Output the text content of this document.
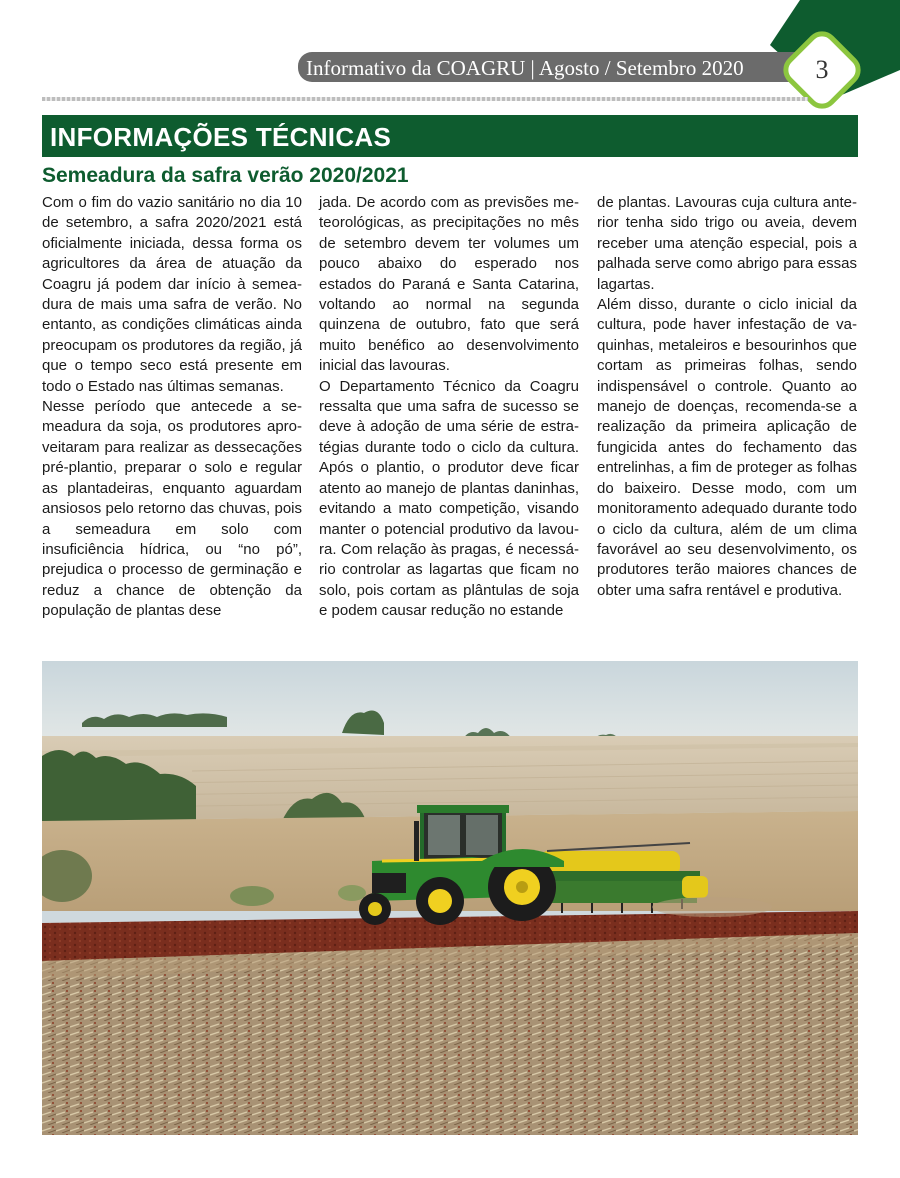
Informativo da COAGRU | Agosto / Setembro 2020	3
INFORMAÇÕES TÉCNICAS
Semeadura da safra verão 2020/2021

Com o fim do vazio sanitário no dia 10 de setembro, a safra 2020/2021 está oficialmente iniciada, dessa forma os agricultores da área de atuação da Coagru já podem dar início à semeadura de mais uma safra de verão. No entanto, as condições climáticas ainda preocupam os produtores da região, já que o tempo seco está presente em todo o Estado nas últimas semanas.

Nesse período que antecede a semeadura da soja, os produtores aproveitaram para realizar as dessecações pré-plantio, preparar o solo e regular as plantadeiras, enquanto aguardam ansiosos pelo retorno das chuvas, pois a semeadura em solo com insuficiência hídrica, ou “no pó”, prejudica o processo de germinação e reduz a chance de obtenção da população de plantas dese

jada. De acordo com as previsões meteorológicas, as precipitações no mês de setembro devem ter volumes um pouco abaixo do esperado nos estados do Paraná e Santa Catarina, voltando ao normal na segunda quinzena de outubro, fato que será muito benéfico ao desenvolvimento inicial das lavouras.

O Departamento Técnico da Coagru ressalta que uma safra de sucesso se deve à adoção de uma série de estratégias durante todo o ciclo da cultura. Após o plantio, o produtor deve ficar atento ao manejo de plantas daninhas, evitando a mato competição, visando manter o potencial produtivo da lavoura. Com relação às pragas, é necessário controlar as lagartas que ficam no solo, pois cortam as plântulas de soja e podem causar redução no estande

de plantas. Lavouras cuja cultura anterior tenha sido trigo ou aveia, devem receber uma atenção especial, pois a palhada serve como abrigo para essas lagartas.

Além disso, durante o ciclo inicial da cultura, pode haver infestação de vaquinhas, metaleiros e besourinhos que cortam as primeiras folhas, sendo indispensável o controle. Quanto ao manejo de doenças, recomenda-se a realização da primeira aplicação de fungicida antes do fechamento das entrelinhas, a fim de proteger as folhas do baixeiro. Desse modo, com um monitoramento adequado durante todo o ciclo da cultura, além de um clima favorável ao seu desenvolvimento, os produtores terão maiores chances de obter uma safra rentável e produtiva.
